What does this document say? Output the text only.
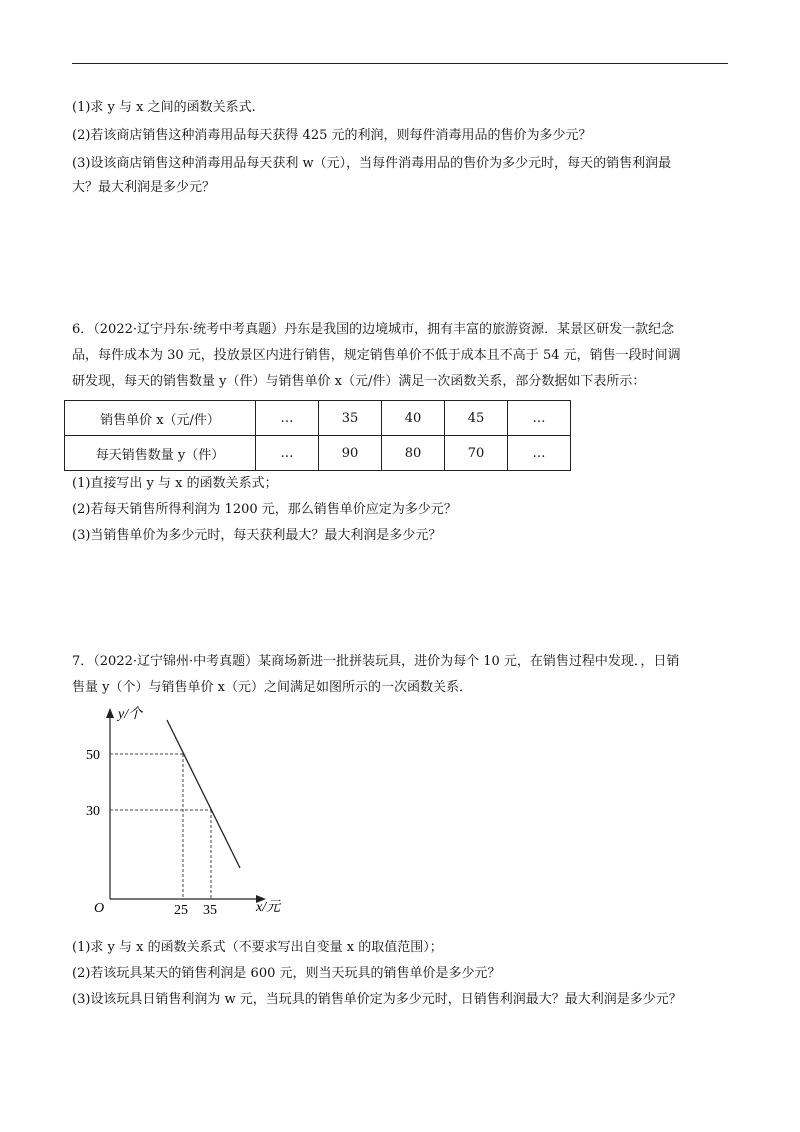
(1)求 y 与 x 之间的函数关系式.
(2)若该商店销售这种消毒用品每天获得 425 元的利润，则每件消毒用品的售价为多少元？
(3)设该商店销售这种消毒用品每天获利 w（元），当每件消毒用品的售价为多少元时，每天的销售利润最
大？最大利润是多少元？
6．（2022·辽宁丹东·统考中考真题）丹东是我国的边境城市，拥有丰富的旅游资源．某景区研发一款纪念
品，每件成本为 30 元，投放景区内进行销售，规定销售单价不低于成本且不高于 54 元，销售一段时间调
研发现，每天的销售数量 y（件）与销售单价 x（元/件）满足一次函数关系，部分数据如下表所示：
销售单价 x（元/件）	…	35	40	45	…
每天销售数量 y（件）	…	90	80	70	…
(1)直接写出 y 与 x 的函数关系式；
(2)若每天销售所得利润为 1200 元，那么销售单价应定为多少元？
(3)当销售单价为多少元时，每天获利最大？最大利润是多少元？
7．（2022·辽宁锦州·中考真题）某商场新进一批拼装玩具，进价为每个 10 元，在销售过程中发现．，日销
售量 y（个）与销售单价 x（元）之间满足如图所示的一次函数关系．
y/个
x/元
O
50
30
25 35
(1)求 y 与 x 的函数关系式（不要求写出自变量 x 的取值范围）；
(2)若该玩具某天的销售利润是 600 元，则当天玩具的销售单价是多少元？
(3)设该玩具日销售利润为 w 元，当玩具的销售单价定为多少元时，日销售利润最大？最大利润是多少元？
